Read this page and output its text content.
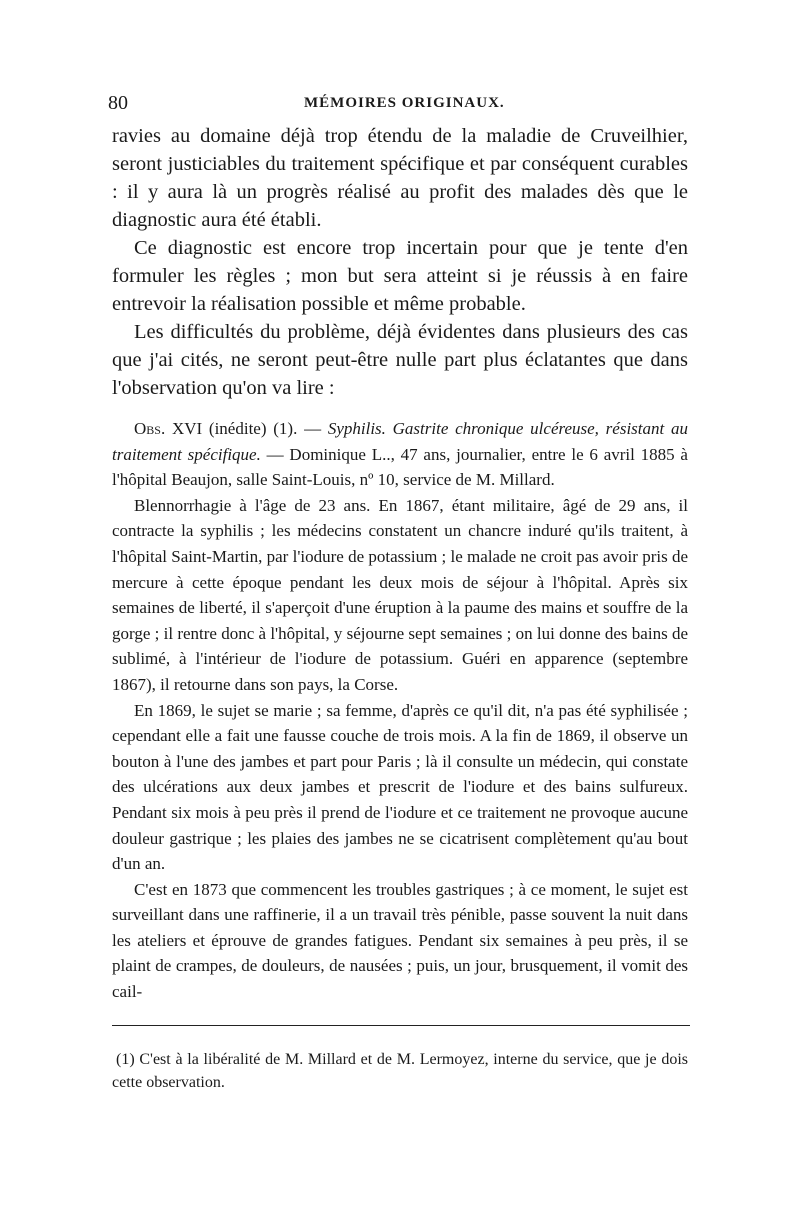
80	MÉMOIRES ORIGINAUX.

ravies au domaine déjà trop étendu de la maladie de Cruveilhier, seront justiciables du traitement spécifique et par conséquent curables : il y aura là un progrès réalisé au profit des malades dès que le diagnostic aura été établi.

Ce diagnostic est encore trop incertain pour que je tente d'en formuler les règles ; mon but sera atteint si je réussis à en faire entrevoir la réalisation possible et même probable.

Les difficultés du problème, déjà évidentes dans plusieurs des cas que j'ai cités, ne seront peut-être nulle part plus éclatantes que dans l'observation qu'on va lire :

Obs. XVI (inédite) (1). — Syphilis. Gastrite chronique ulcéreuse, résistant au traitement spécifique. — Dominique L.., 47 ans, journalier, entre le 6 avril 1885 à l'hôpital Beaujon, salle Saint-Louis, nº 10, service de M. Millard.

Blennorrhagie à l'âge de 23 ans. En 1867, étant militaire, âgé de 29 ans, il contracte la syphilis ; les médecins constatent un chancre induré qu'ils traitent, à l'hôpital Saint-Martin, par l'iodure de potassium ; le malade ne croit pas avoir pris de mercure à cette époque pendant les deux mois de séjour à l'hôpital. Après six semaines de liberté, il s'aperçoit d'une éruption à la paume des mains et souffre de la gorge ; il rentre donc à l'hôpital, y séjourne sept semaines ; on lui donne des bains de sublimé, à l'intérieur de l'iodure de potassium. Guéri en apparence (septembre 1867), il retourne dans son pays, la Corse.

En 1869, le sujet se marie ; sa femme, d'après ce qu'il dit, n'a pas été syphilisée ; cependant elle a fait une fausse couche de trois mois. A la fin de 1869, il observe un bouton à l'une des jambes et part pour Paris ; là il consulte un médecin, qui constate des ulcérations aux deux jambes et prescrit de l'iodure et des bains sulfureux. Pendant six mois à peu près il prend de l'iodure et ce traitement ne provoque aucune douleur gastrique ; les plaies des jambes ne se cicatrisent complètement qu'au bout d'un an.

C'est en 1873 que commencent les troubles gastriques ; à ce moment, le sujet est surveillant dans une raffinerie, il a un travail très pénible, passe souvent la nuit dans les ateliers et éprouve de grandes fatigues. Pendant six semaines à peu près, il se plaint de crampes, de douleurs, de nausées ; puis, un jour, brusquement, il vomit des cail-

(1) C'est à la libéralité de M. Millard et de M. Lermoyez, interne du service, que je dois cette observation.
